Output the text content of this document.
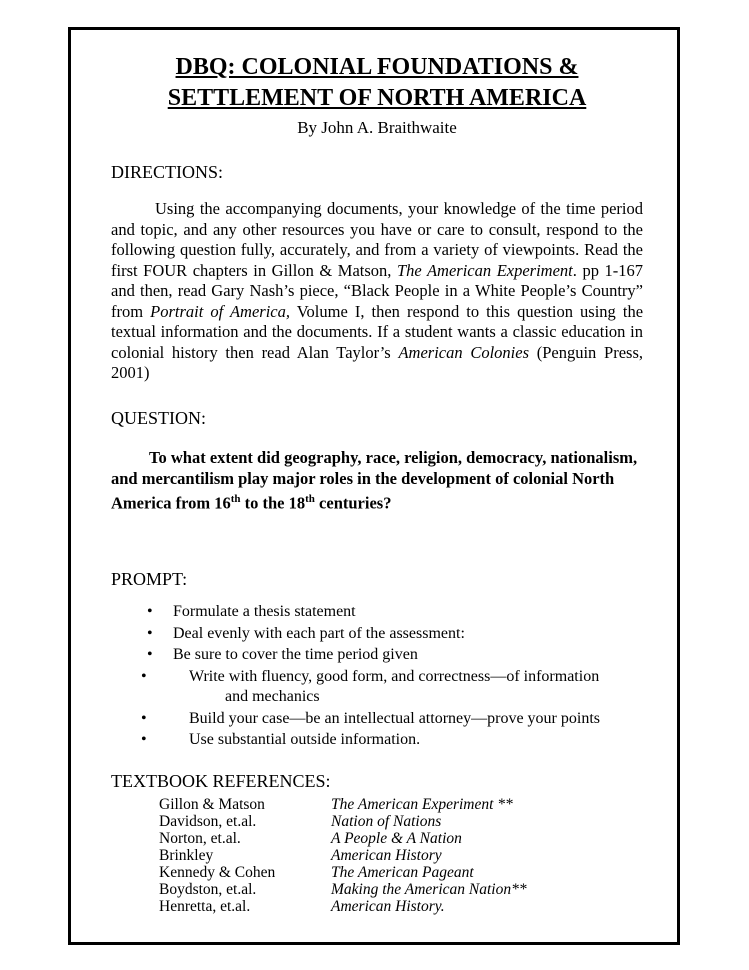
DBQ: COLONIAL FOUNDATIONS &
SETTLEMENT OF NORTH AMERICA
By John A. Braithwaite
DIRECTIONS:
Using the accompanying documents, your knowledge of the time period and topic, and any other resources you have or care to consult, respond to the following question fully, accurately, and from a variety of viewpoints. Read the first FOUR chapters in Gillon & Matson, The American Experiment. pp 1-167 and then, read Gary Nash’s piece, “Black People in a White People’s Country” from Portrait of America, Volume I, then respond to this question using the textual information and the documents. If a student wants a classic education in colonial history then read Alan Taylor’s American Colonies (Penguin Press, 2001)
QUESTION:
To what extent did geography, race, religion, democracy, nationalism, and mercantilism play major roles in the development of colonial North America from 16th to the 18th centuries?
PROMPT:
• Formulate a thesis statement
• Deal evenly with each part of the assessment:
• Be sure to cover the time period given
•	Write with fluency, good form, and correctness—of information
and mechanics
•	Build your case—be an intellectual attorney—prove your points
•	Use substantial outside information.
TEXTBOOK REFERENCES:
Gillon & Matson	The American Experiment **
Davidson, et.al.	Nation of Nations
Norton, et.al.	A People & A Nation
Brinkley	American History
Kennedy & Cohen	The American Pageant
Boydston, et.al.	Making the American Nation**
Henretta, et.al.	American History.
